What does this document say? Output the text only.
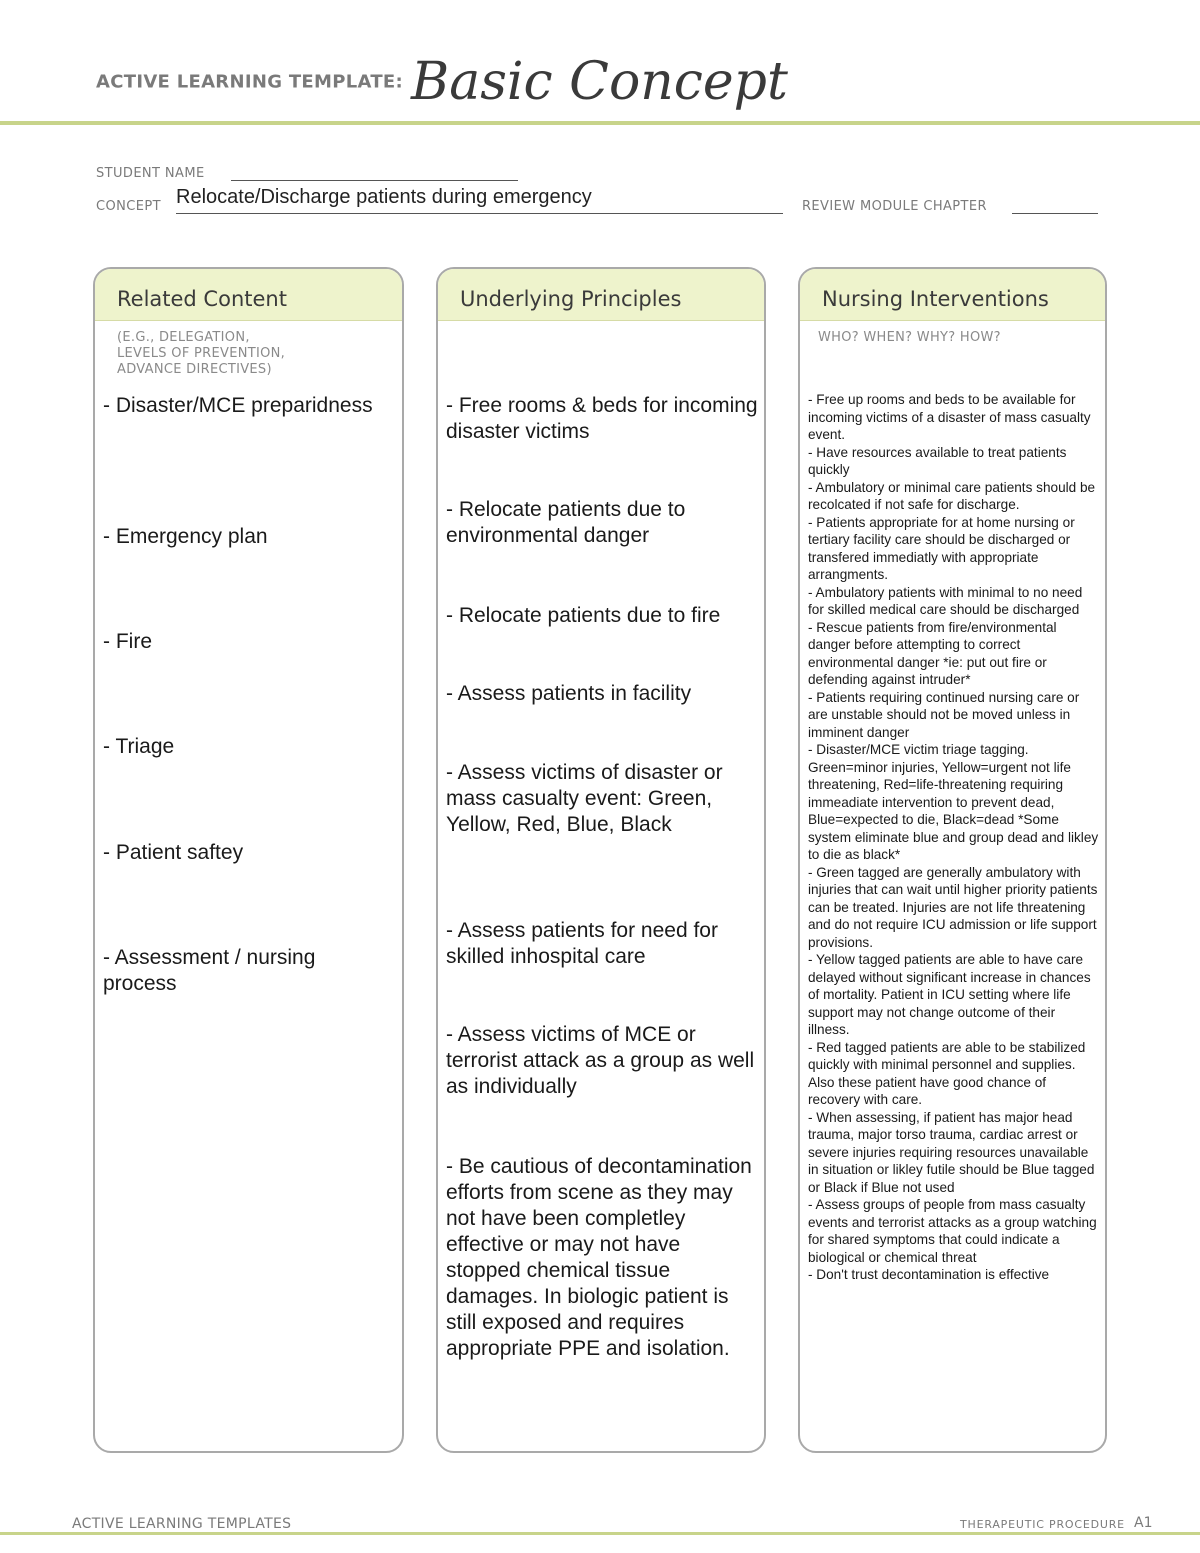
ACTIVE LEARNING TEMPLATE: Basic Concept
STUDENT NAME
CONCEPT Relocate/Discharge patients during emergency	REVIEW MODULE CHAPTER
Related Content
(E.G., DELEGATION,
LEVELS OF PREVENTION,
ADVANCE DIRECTIVES)
- Disaster/MCE preparidness
- Emergency plan
- Fire
- Triage
- Patient saftey
- Assessment / nursing process
Underlying Principles
- Free rooms & beds for incoming disaster victims
- Relocate patients due to environmental danger
- Relocate patients due to fire
- Assess patients in facility
- Assess victims of disaster or mass casualty event: Green, Yellow, Red, Blue, Black
- Assess patients for need for skilled inhospital care
- Assess victims of MCE or terrorist attack as a group as well as individually
- Be cautious of decontamination efforts from scene as they may not have been completley effective or may not have stopped chemical tissue damages. In biologic patient is still exposed and requires appropriate PPE and isolation.
Nursing Interventions
WHO? WHEN? WHY? HOW?

- Free up rooms and beds to be available for incoming victims of a disaster of mass casualty event.

- Have resources available to treat patients quickly

- Ambulatory or minimal care patients should be recolcated if not safe for discharge.

- Patients appropriate for at home nursing or tertiary facility care should be discharged or transfered immediatly with appropriate arrangments.

- Ambulatory patients with minimal to no need for skilled medical care should be discharged

- Rescue patients from fire/environmental danger before attempting to correct environmental danger *ie: put out fire or defending against intruder*

- Patients requiring continued nursing care or are unstable should not be moved unless in imminent danger

- Disaster/MCE victim triage tagging. Green=minor injuries, Yellow=urgent not life threatening, Red=life-threatening requiring immeadiate intervention to prevent dead, Blue=expected to die, Black=dead *Some system eliminate blue and group dead and likley to die as black*

- Green tagged are generally ambulatory with injuries that can wait until higher priority patients can be treated. Injuries are not life threatening and do not require ICU admission or life support provisions.

- Yellow tagged patients are able to have care delayed without significant increase in chances of mortality. Patient in ICU setting where life support may not change outcome of their illness.

- Red tagged patients are able to be stabilized quickly with minimal personnel and supplies. Also these patient have good chance of recovery with care.

- When assessing, if patient has major head trauma, major torso trauma, cardiac arrest or severe injuries requiring resources unavailable in situation or likley futile should be Blue tagged or Black if Blue not used

- Assess groups of people from mass casualty events and terrorist attacks as a group watching for shared symptoms that could indicate a biological or chemical threat

- Don't trust decontamination is effective

ACTIVE LEARNING TEMPLATES	THERAPEUTIC PROCEDURE A1
